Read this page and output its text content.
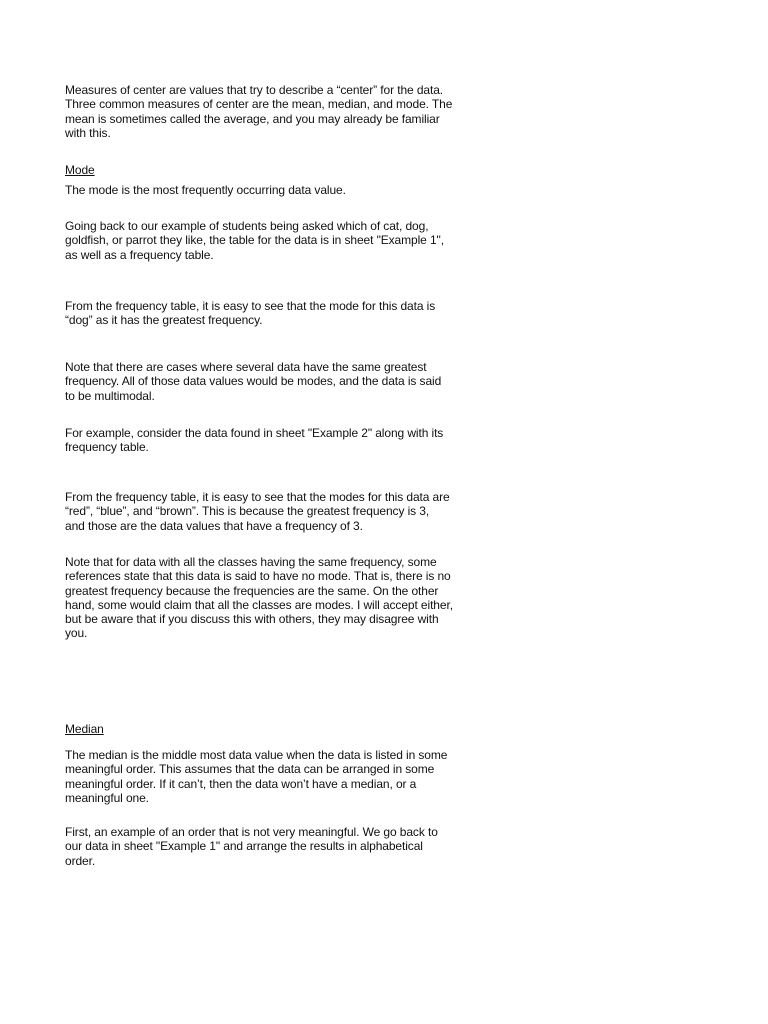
Measures of center are values that try to describe a “center” for the data.
Three common measures of center are the mean, median, and mode. The
mean is sometimes called the average, and you may already be familiar
with this.

Mode

The mode is the most frequently occurring data value.

Going back to our example of students being asked which of cat, dog,
goldfish, or parrot they like, the table for the data is in sheet "Example 1",
as well as a frequency table.

From the frequency table, it is easy to see that the mode for this data is
“dog” as it has the greatest frequency.

Note that there are cases where several data have the same greatest
frequency. All of those data values would be modes, and the data is said
to be multimodal.

For example, consider the data found in sheet "Example 2" along with its
frequency table.

From the frequency table, it is easy to see that the modes for this data are
“red”, “blue”, and “brown”. This is because the greatest frequency is 3,
and those are the data values that have a frequency of 3.

Note that for data with all the classes having the same frequency, some
references state that this data is said to have no mode. That is, there is no
greatest frequency because the frequencies are the same. On the other
hand, some would claim that all the classes are modes. I will accept either,
but be aware that if you discuss this with others, they may disagree with
you.

Median

The median is the middle most data value when the data is listed in some
meaningful order. This assumes that the data can be arranged in some
meaningful order. If it can’t, then the data won’t have a median, or a
meaningful one.

First, an example of an order that is not very meaningful. We go back to
our data in sheet "Example 1" and arrange the results in alphabetical
order.
